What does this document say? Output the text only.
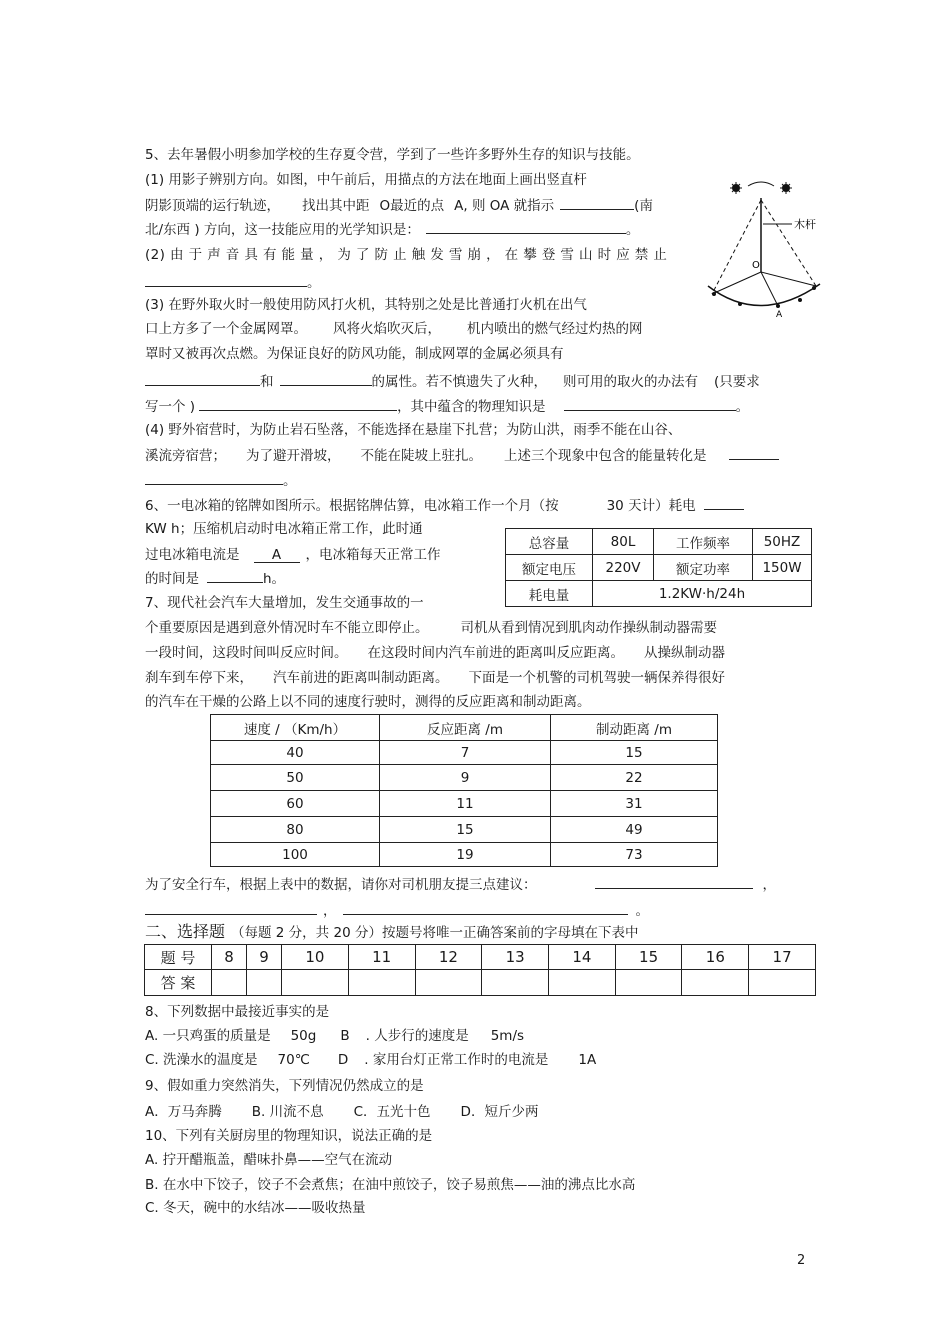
5、去年暑假小明参加学校的生存夏令营，学到了一些许多野外生存的知识与技能。
(1) 用影子辨别方向。如图，中午前后，用描点的方法在地面上画出竖直杆
阴影顶端的运行轨迹， 找出其中距 O最近的点 A, 则 OA 就指示	(南
北/东西 ) 方向，这一技能应用的光学知识是：	。
(2) 由 于 声 音 具 有 能 量 ， 为 了 防 止 触 发 雪 崩 ， 在 攀 登 雪 山 时 应 禁 止
。
(3) 在野外取火时一般使用防风打火机，其特别之处是比普通打火机在出气
口上方多了一个金属网罩。 风将火焰吹灭后， 机内喷出的燃气经过灼热的网
罩时又被再次点燃。为保证良好的防风功能，制成网罩的金属必须具有
和	的属性。若不慎遗失了火种， 则可用的取火的办法有 (只要求
写一个 )	，其中蕴含的物理知识是	。
(4) 野外宿营时，为防止岩石坠落，不能选择在悬崖下扎营；为防山洪，雨季不能在山谷、
溪流旁宿营； 为了避开滑坡， 不能在陡坡上驻扎。 上述三个现象中包含的能量转化是
。
木杆
O
A
6、一电冰箱的铭牌如图所示。根据铭牌估算，电冰箱工作一个月（按	30 天计）耗电
KW h；压缩机启动时电冰箱正常工作，此时通
过电冰箱电流是 A ，电冰箱每天正常工作
的时间是	h。
总容量	80L	工作频率	50HZ
额定电压	220V	额定功率	150W
耗电量	1.2KW·h/24h		
7、现代社会汽车大量增加，发生交通事故的一
个重要原因是遇到意外情况时车不能立即停止。 司机从看到情况到肌肉动作操纵制动器需要
一段时间，这段时间叫反应时间。 在这段时间内汽车前进的距离叫反应距离。 从操纵制动器
刹车到车停下来， 汽车前进的距离叫制动距离。 下面是一个机警的司机驾驶一辆保养得很好
的汽车在干燥的公路上以不同的速度行驶时，测得的反应距离和制动距离。
速度 / （Km/h）	反应距离 /m	制动距离 /m
40	7	15
50	9	22
60	11	31
80	15	49
100	19	73
为了安全行车，根据上表中的数据，请你对司机朋友提三点建议：	，
，	。
二、选择题 （每题 2 分，共 20 分）按题号将唯一正确答案前的字母填在下表中
题 号	8	9	10	11	12	13	14	15	16	17
答 案										
8、下列数据中最接近事实的是
A. 一只鸡蛋的质量是 50g B . 人步行的速度是 5m/s
C. 洗澡水的温度是 70℃ D . 家用台灯正常工作时的电流是 1A
9、假如重力突然消失，下列情况仍然成立的是
A．万马奔腾 B. 川流不息 C．五光十色 D．短斤少两
10、下列有关厨房里的物理知识，说法正确的是
A. 拧开醋瓶盖，醋味扑鼻——空气在流动
B. 在水中下饺子，饺子不会煮焦；在油中煎饺子，饺子易煎焦——油的沸点比水高
C. 冬天，碗中的水结冰——吸收热量
2
